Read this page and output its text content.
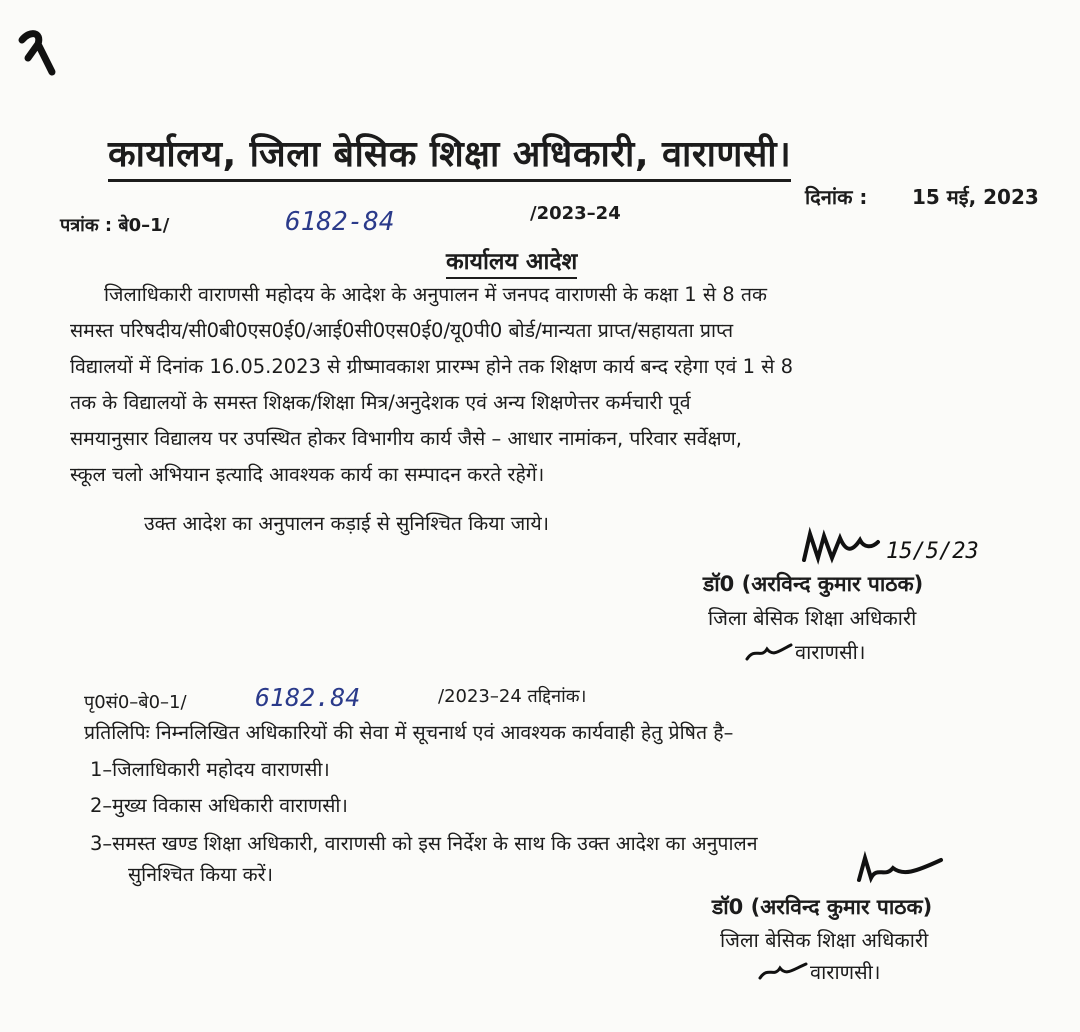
कार्यालय, जिला बेसिक शिक्षा अधिकारी, वाराणसी।
दिनांक : 15 मई, 2023
पत्रांक : बे0–1/	6182-84	/2023–24
कार्यालय आदेश
जिलाधिकारी वाराणसी महोदय के आदेश के अनुपालन में जनपद वाराणसी के कक्षा 1 से 8 तक
समस्त परिषदीय/सी0बी0एस0ई0/आई0सी0एस0ई0/यू0पी0 बोर्ड/मान्यता प्राप्त/सहायता प्राप्त
विद्यालयों में दिनांक 16.05.2023 से ग्रीष्मावकाश प्रारम्भ होने तक शिक्षण कार्य बन्द रहेगा एवं 1 से 8
तक के विद्यालयों के समस्त शिक्षक/शिक्षा मित्र/अनुदेशक एवं अन्य शिक्षणेत्तर कर्मचारी पूर्व
समयानुसार विद्यालय पर उपस्थित होकर विभागीय कार्य जैसे – आधार नामांकन, परिवार सर्वेक्षण,
स्कूल चलो अभियान इत्यादि आवश्यक कार्य का सम्पादन करते रहेगें।
उक्त आदेश का अनुपालन कड़ाई से सुनिश्चित किया जाये।
15/5/23
डॉ0 (अरविन्द कुमार पाठक)
जिला बेसिक शिक्षा अधिकारी
वाराणसी।
पृ0सं0–बे0–1/	6182.84	/2023–24 तद्दिनांक।
प्रतिलिपिः निम्नलिखित अधिकारियों की सेवा में सूचनार्थ एवं आवश्यक कार्यवाही हेतु प्रेषित है–
1–जिलाधिकारी महोदय वाराणसी।
2–मुख्य विकास अधिकारी वाराणसी।
3–समस्त खण्ड शिक्षा अधिकारी, वाराणसी को इस निर्देश के साथ कि उक्त आदेश का अनुपालन
सुनिश्चित किया करें।
डॉ0 (अरविन्द कुमार पाठक)
जिला बेसिक शिक्षा अधिकारी
वाराणसी।
